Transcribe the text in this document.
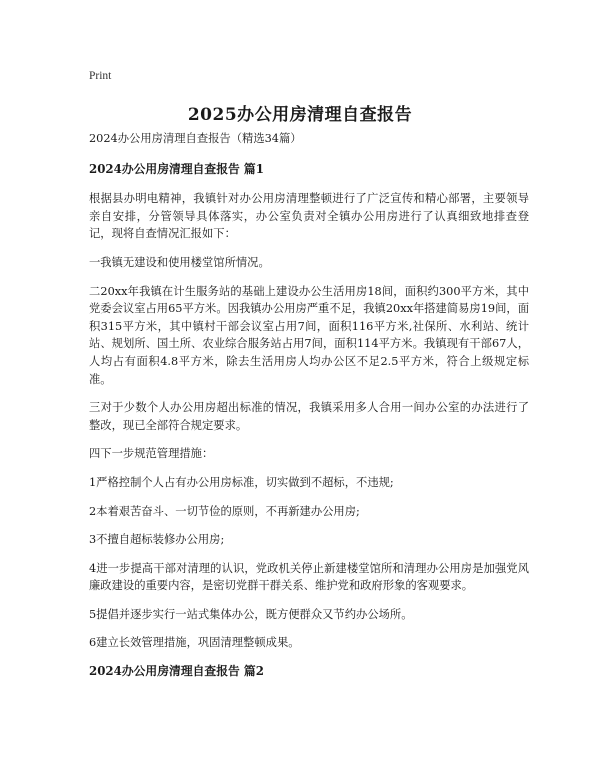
Print
2025办公用房清理自查报告

2024办公用房清理自查报告（精选34篇）

2024办公用房清理自查报告 篇1

根据县办明电精神，我镇针对办公用房清理整顿进行了广泛宣传和精心部署，主要领导亲自安排，分管领导具体落实，办公室负责对全镇办公用房进行了认真细致地排查登记，现将自查情况汇报如下：

一我镇无建设和使用楼堂馆所情况。

二20xx年我镇在计生服务站的基础上建设办公生活用房18间，面积约300平方米，其中党委会议室占用65平方米。因我镇办公用房严重不足，我镇20xx年搭建简易房19间，面积315平方米，其中镇村干部会议室占用7间，面积116平方米,社保所、水利站、统计站、规划所、国土所、农业综合服务站占用7间，面积114平方米。我镇现有干部67人，人均占有面积4.8平方米，除去生活用房人均办公区不足2.5平方米，符合上级规定标准。

三对于少数个人办公用房超出标准的情况，我镇采用多人合用一间办公室的办法进行了整改，现已全部符合规定要求。

四下一步规范管理措施：

1严格控制个人占有办公用房标准，切实做到不超标，不违规;

2本着艰苦奋斗、一切节俭的原则，不再新建办公用房;

3不擅自超标装修办公用房;

4进一步提高干部对清理的认识，党政机关停止新建楼堂馆所和清理办公用房是加强党风廉政建设的重要内容，是密切党群干群关系、维护党和政府形象的客观要求。

5提倡并逐步实行一站式集体办公，既方便群众又节约办公场所。

6建立长效管理措施，巩固清理整顿成果。

2024办公用房清理自查报告 篇2
